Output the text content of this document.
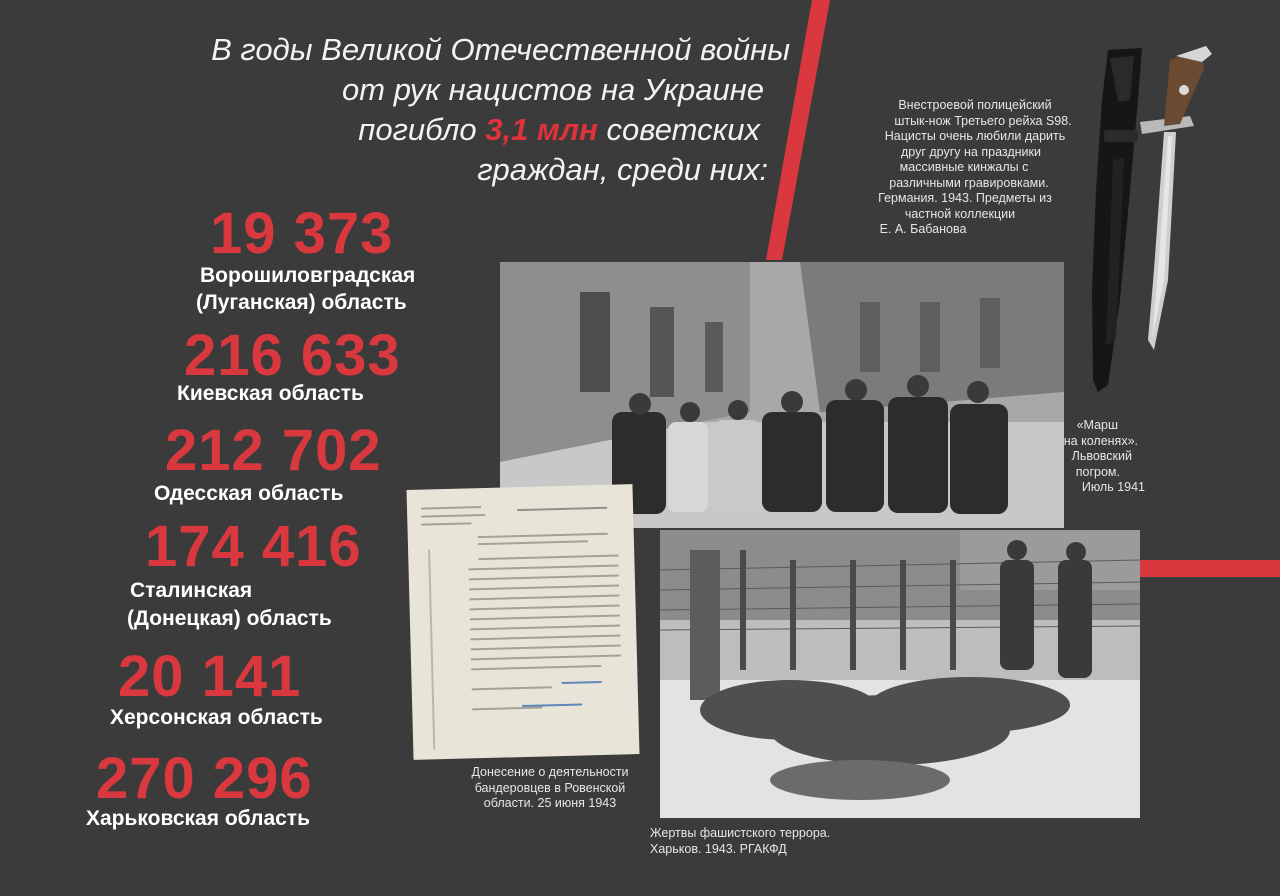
В годы Великой Отечественной войны
от рук нацистов на Украине
погибло 3,1 млн советских
граждан, среди них:
19 373
Ворошиловградская
(Луганская) область
216 633
Киевская область
212 702
Одесская область
174 416
Сталинская
(Донецкая) область
20 141
Херсонская область
270 296
Харьковская область
Внестроевой полицейский
штык-нож Третьего рейха S98.
Нацисты очень любили дарить
друг другу на праздники
массивные кинжалы с
различными гравировками.
Германия. 1943. Предметы из
частной коллекции
Е. А. Бабанова
«Марш
на коленях».
Львовский
погром.
Июль 1941
Донесение о деятельности
бандеровцев в Ровенской
области. 25 июня 1943
Жертвы фашистского террора.
Харьков. 1943. РГАКФД
